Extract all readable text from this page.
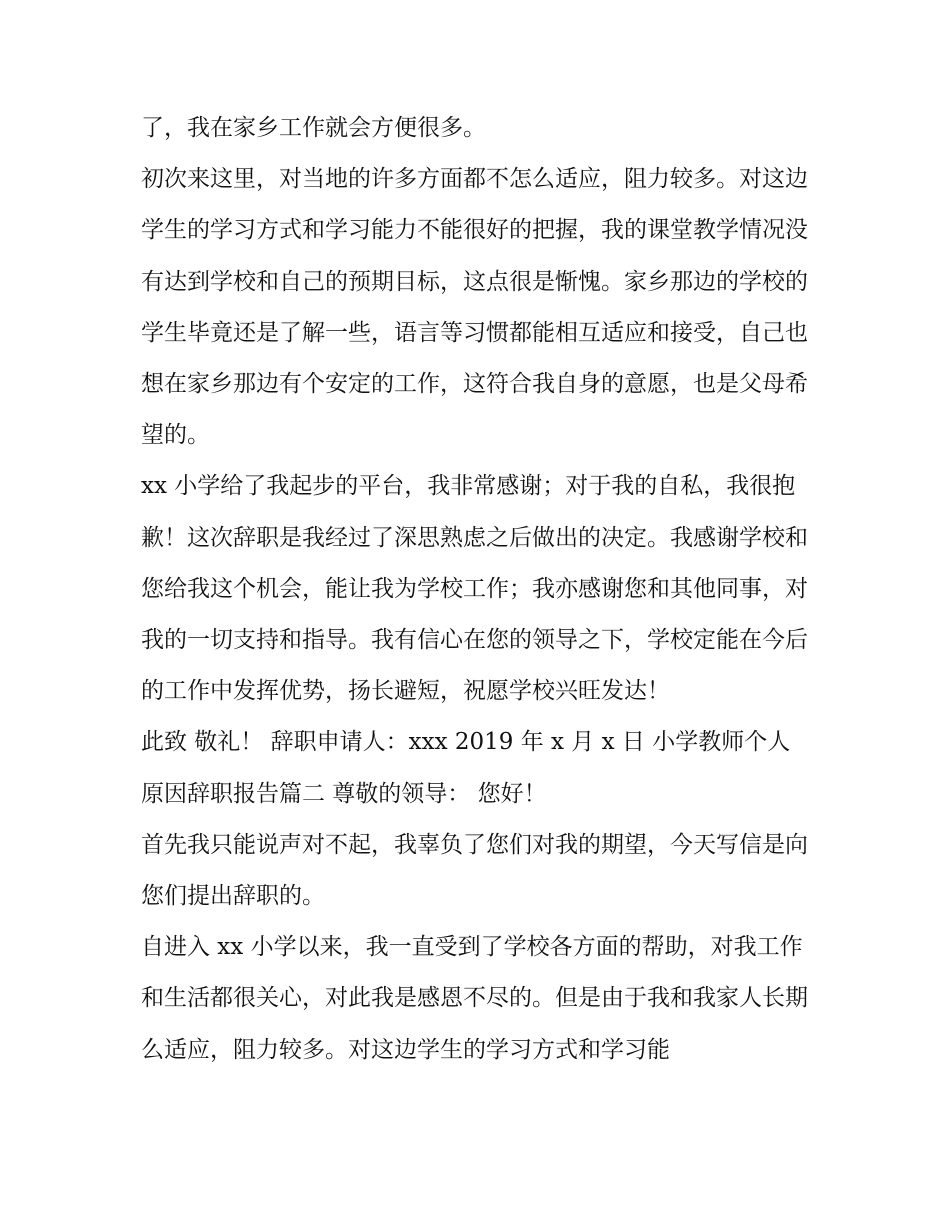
了，我在家乡工作就会方便很多。

初次来这里，对当地的许多方面都不怎么适应，阻力较多。对这边学生的学习方式和学习能力不能很好的把握，我的课堂教学情况没有达到学校和自己的预期目标，这点很是惭愧。家乡那边的学校的学生毕竟还是了解一些，语言等习惯都能相互适应和接受，自己也想在家乡那边有个安定的工作，这符合我自身的意愿，也是父母希望的。

xx 小学给了我起步的平台，我非常感谢；对于我的自私，我很抱歉！这次辞职是我经过了深思熟虑之后做出的决定。我感谢学校和您给我这个机会，能让我为学校工作；我亦感谢您和其他同事，对我的一切支持和指导。我有信心在您的领导之下，学校定能在今后的工作中发挥优势，扬长避短，祝愿学校兴旺发达！

此致 敬礼！ 辞职申请人：xxx 2019 年 x 月 x 日 小学教师个人原因辞职报告篇二 尊敬的领导： 您好！

首先我只能说声对不起，我辜负了您们对我的期望，今天写信是向您们提出辞职的。

自进入 xx 小学以来，我一直受到了学校各方面的帮助，对我工作和生活都很关心，对此我是感恩不尽的。但是由于我和我家人长期么适应，阻力较多。对这边学生的学习方式和学习能
